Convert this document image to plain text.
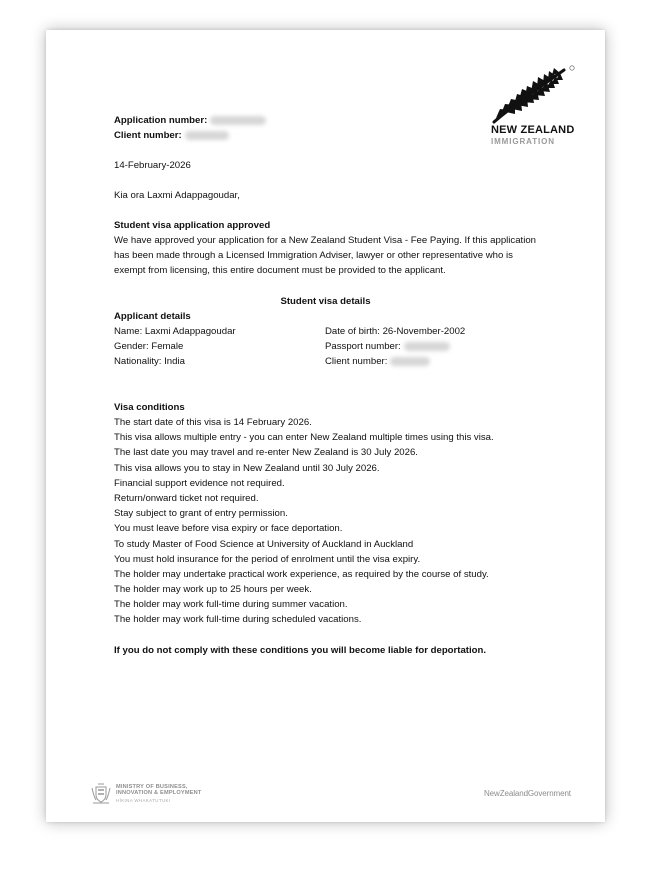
NEW ZEALAND
IMMIGRATION
Application number:
Client number:
14-February-2026
Kia ora Laxmi Adappagoudar,
Student visa application approved
We have approved your application for a New Zealand Student Visa - Fee Paying. If this application
has been made through a Licensed Immigration Adviser, lawyer or other representative who is
exempt from licensing, this entire document must be provided to the applicant.
Student visa details
Applicant details
Name: Laxmi Adappagoudar
Gender: Female
Nationality: India
Date of birth: 26-November-2002
Passport number:
Client number:
Visa conditions
The start date of this visa is 14 February 2026.
This visa allows multiple entry - you can enter New Zealand multiple times using this visa.
The last date you may travel and re-enter New Zealand is 30 July 2026.
This visa allows you to stay in New Zealand until 30 July 2026.
Financial support evidence not required.
Return/onward ticket not required.
Stay subject to grant of entry permission.
You must leave before visa expiry or face deportation.
To study Master of Food Science at University of Auckland in Auckland
You must hold insurance for the period of enrolment until the visa expiry.
The holder may undertake practical work experience, as required by the course of study.
The holder may work up to 25 hours per week.
The holder may work full-time during summer vacation.
The holder may work full-time during scheduled vacations.
If you do not comply with these conditions you will become liable for deportation.
MINISTRY OF BUSINESS,
INNOVATION & EMPLOYMENT
HĪKINA WHAKATUTUKI
NewZealandGovernment
